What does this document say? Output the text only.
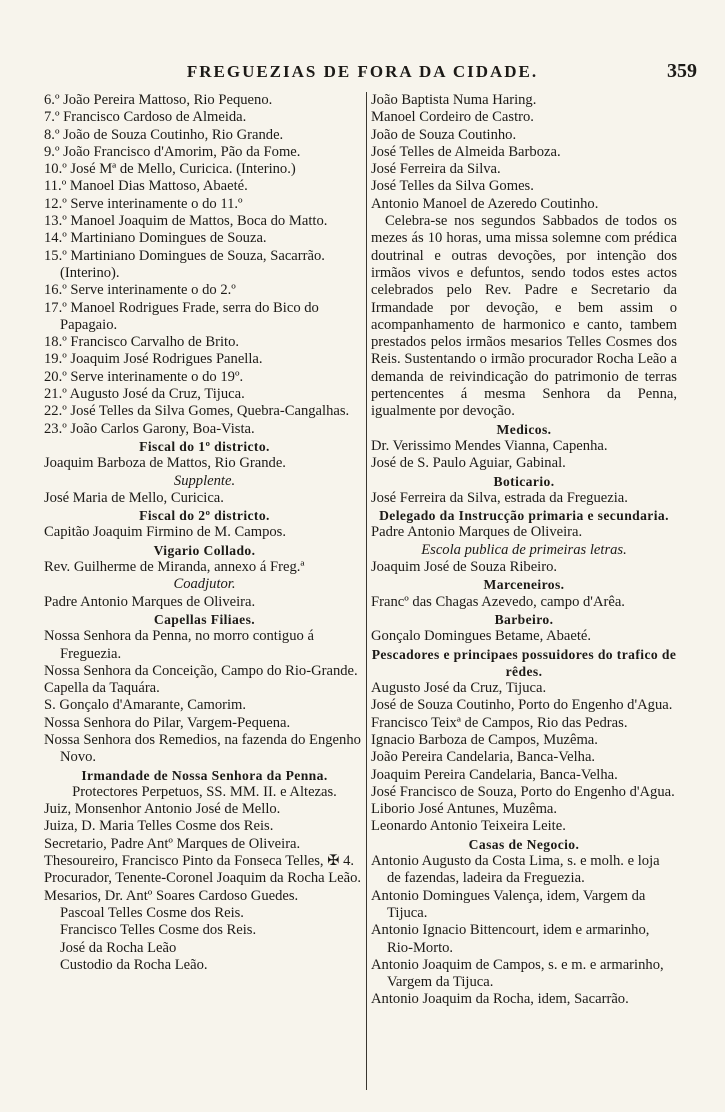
FREGUEZIAS DE FORA DA CIDADE.	359
6.º João Pereira Mattoso, Rio Pequeno.
7.º Francisco Cardoso de Almeida.
8.º João de Souza Coutinho, Rio Grande.
9.º João Francisco d'Amorim, Pão da Fome.
10.º José Mª de Mello, Curicica. (Interino.)
11.º Manoel Dias Mattoso, Abaeté.
12.º Serve interinamente o do 11.º
13.º Manoel Joaquim de Mattos, Boca do Matto.
14.º Martiniano Domingues de Souza.
15.º Martiniano Domingues de Souza, Sacarrão. (Interino).
16.º Serve interinamente o do 2.º
17.º Manoel Rodrigues Frade, serra do Bico do Papagaio.
18.º Francisco Carvalho de Brito.
19.º Joaquim José Rodrigues Panella.
20.º Serve interinamente o do 19º.
21.º Augusto José da Cruz, Tijuca.
22.º José Telles da Silva Gomes, Quebra-Cangalhas.
23.º João Carlos Garony, Boa-Vista.
Fiscal do 1º districto.
Joaquim Barboza de Mattos, Rio Grande.
Supplente.
José Maria de Mello, Curicica.
Fiscal do 2º districto.
Capitão Joaquim Firmino de M. Campos.
Vigario Collado.
Rev. Guilherme de Miranda, annexo á Freg.ª
Coadjutor.
Padre Antonio Marques de Oliveira.
Capellas Filiaes.
Nossa Senhora da Penna, no morro contiguo á Freguezia.
Nossa Senhora da Conceição, Campo do Rio-Grande.
Capella da Taquára.
S. Gonçalo d'Amarante, Camorim.
Nossa Senhora do Pilar, Vargem-Pequena.
Nossa Senhora dos Remedios, na fazenda do Engenho Novo.
Irmandade de Nossa Senhora da Penna.
Protectores Perpetuos, SS. MM. II. e Altezas.
Juiz, Monsenhor Antonio José de Mello.
Juiza, D. Maria Telles Cosme dos Reis.
Secretario, Padre Antº Marques de Oliveira.
Thesoureiro, Francisco Pinto da Fonseca Telles, ✠ 4.
Procurador, Tenente-Coronel Joaquim da Rocha Leão.
Mesarios, Dr. Antº Soares Cardoso Guedes.
Pascoal Telles Cosme dos Reis.
Francisco Telles Cosme dos Reis.
José da Rocha Leão
Custodio da Rocha Leão.
João Baptista Numa Haring.
Manoel Cordeiro de Castro.
João de Souza Coutinho.
José Telles de Almeida Barboza.
José Ferreira da Silva.
José Telles da Silva Gomes.
Antonio Manoel de Azeredo Coutinho.
Celebra-se nos segundos Sabbados de todos os mezes ás 10 horas, uma missa solemne com prédica doutrinal e outras devoções, por intenção dos irmãos vivos e defuntos, sendo todos estes actos celebrados pelo Rev. Padre e Secretario da Irmandade por devoção, e bem assim o acompanhamento de harmonico e canto, tambem prestados pelos irmãos mesarios Telles Cosmes dos Reis. Sustentando o irmão procurador Rocha Leão a demanda de reivindicação do patrimonio de terras pertencentes á mesma Senhora da Penna, igualmente por devoção.
Medicos.
Dr. Verissimo Mendes Vianna, Capenha.
José de S. Paulo Aguiar, Gabinal.
Boticario.
José Ferreira da Silva, estrada da Freguezia.
Delegado da Instrucção primaria e secundaria.
Padre Antonio Marques de Oliveira.
Escola publica de primeiras letras.
Joaquim José de Souza Ribeiro.
Marceneiros.
Francº das Chagas Azevedo, campo d'Arêa.
Barbeiro.
Gonçalo Domingues Betame, Abaeté.
Pescadores e principaes possuidores do trafico de rêdes.
Augusto José da Cruz, Tijuca.
José de Souza Coutinho, Porto do Engenho d'Agua.
Francisco Teixª de Campos, Rio das Pedras.
Ignacio Barboza de Campos, Muzêma.
João Pereira Candelaria, Banca-Velha.
Joaquim Pereira Candelaria, Banca-Velha.
José Francisco de Souza, Porto do Engenho d'Agua.
Liborio José Antunes, Muzêma.
Leonardo Antonio Teixeira Leite.
Casas de Negocio.
Antonio Augusto da Costa Lima, s. e molh. e loja de fazendas, ladeira da Freguezia.
Antonio Domingues Valença, idem, Vargem da Tijuca.
Antonio Ignacio Bittencourt, idem e armarinho, Rio-Morto.
Antonio Joaquim de Campos, s. e m. e armarinho, Vargem da Tijuca.
Antonio Joaquim da Rocha, idem, Sacarrão.
